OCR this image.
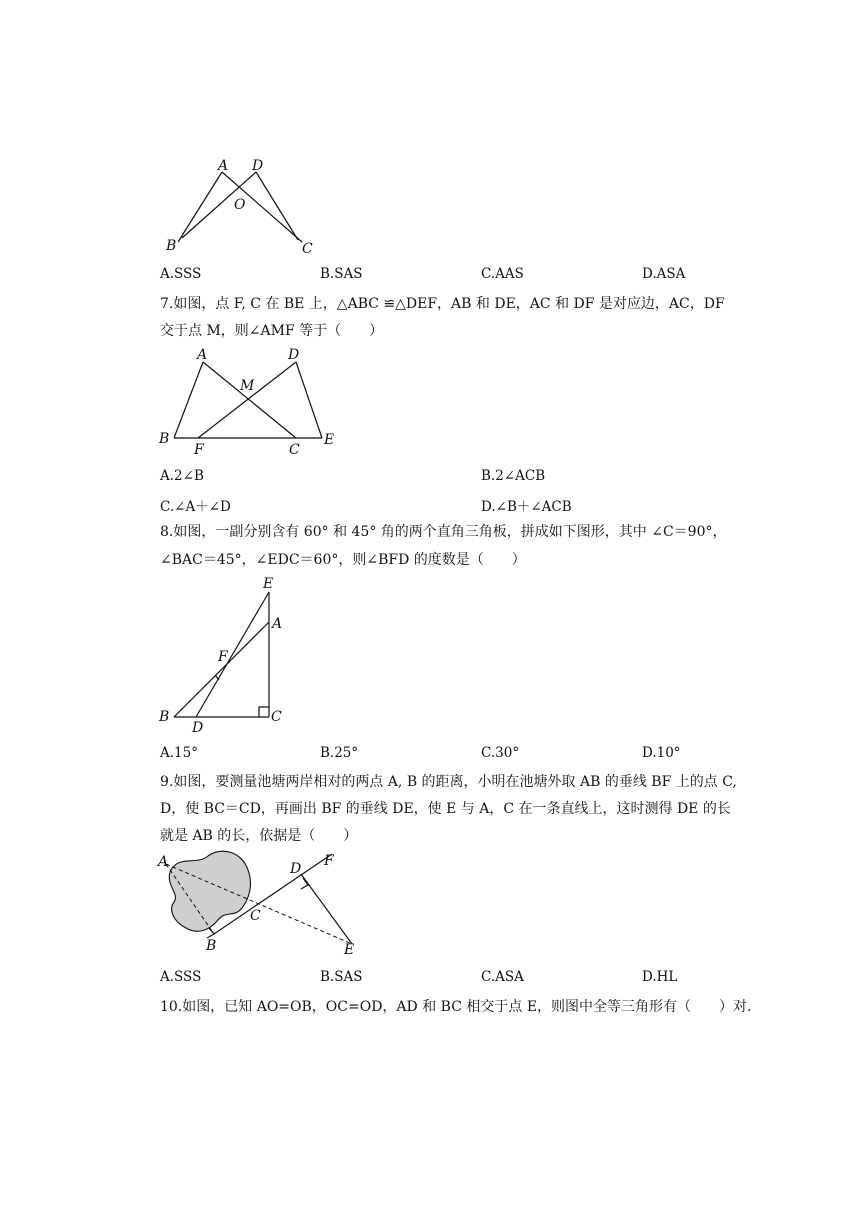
A D
O
B	C
A.SSS	B.SAS	C.AAS	D.ASA
7.如图，点 F, C 在 BE 上，△ABC ≌△DEF，AB 和 DE，AC 和 DF 是对应边，AC，DF
交于点 M，则∠AMF 等于（　　）
A	D
M
B
F	C
E
A.2∠B	B.2∠ACB
C.∠A＋∠D	D.∠B＋∠ACB
8.如图，一副分别含有 60° 和 45° 角的两个直角三角板，拼成如下图形，其中 ∠C＝90°，
∠BAC＝45°，∠EDC＝60°，则∠BFD 的度数是（　　）
E
A
F
B
D
C
A.15°	B.25°	C.30°	D.10°
9.如图，要测量池塘两岸相对的两点 A, B 的距离，小明在池塘外取 AB 的垂线 BF 上的点 C,
D，使 BC＝CD，再画出 BF 的垂线 DE，使 E 与 A，C 在一条直线上，这时测得 DE 的长
就是 AB 的长，依据是（　　）
A	D F
C
B	E
A.SSS	B.SAS	C.ASA	D.HL
10.如图，已知 AO=OB，OC=OD，AD 和 BC 相交于点 E，则图中全等三角形有（　　）对.
